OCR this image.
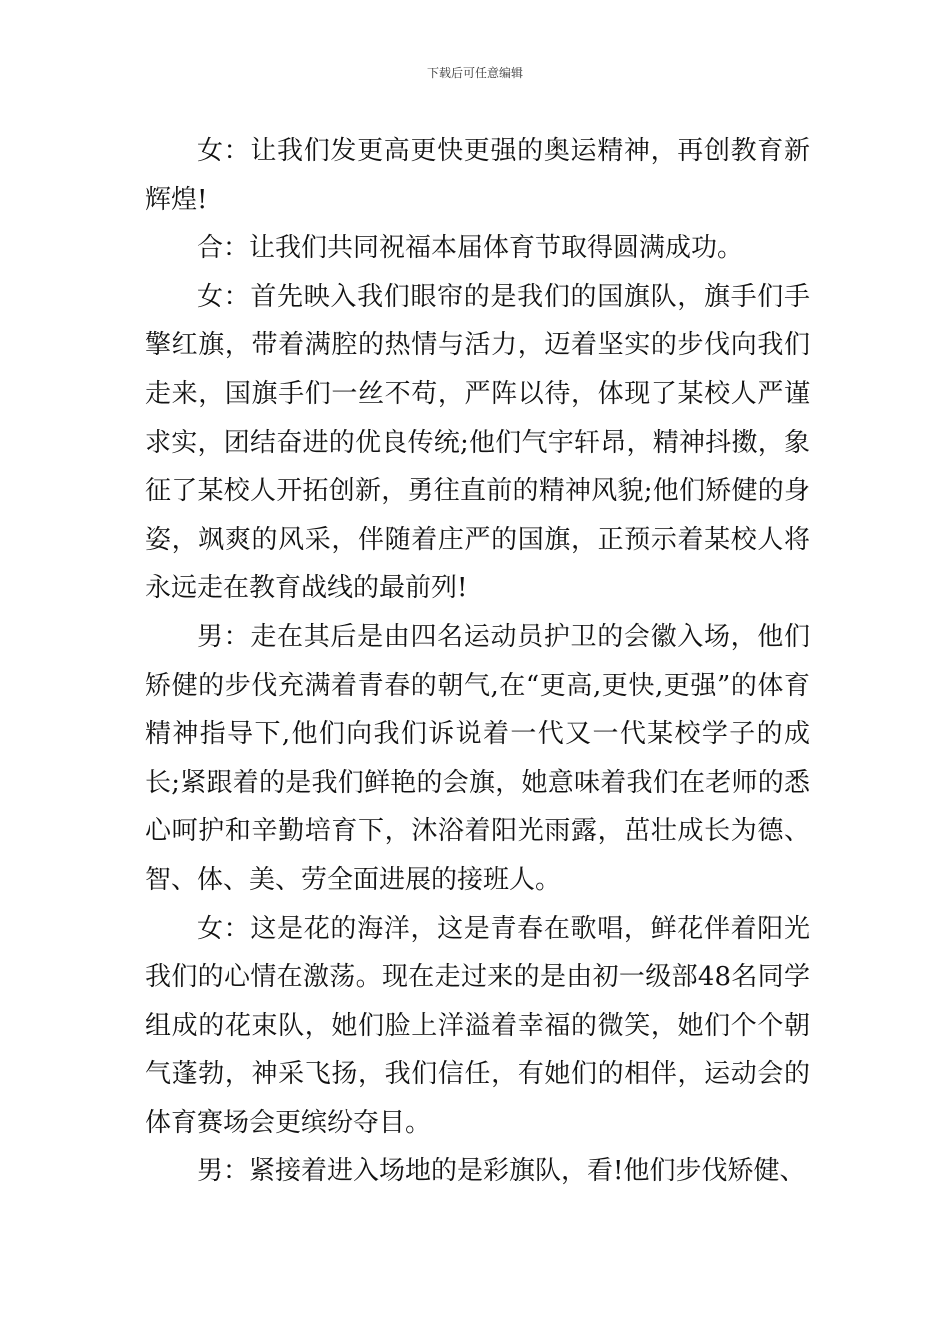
下载后可任意编辑

女：让我们发更高更快更强的奥运精神，再创教育新辉煌!

合：让我们共同祝福本届体育节取得圆满成功。

女：首先映入我们眼帘的是我们的国旗队，旗手们手擎红旗，带着满腔的热情与活力，迈着坚实的步伐向我们走来，国旗手们一丝不苟，严阵以待，体现了某校人严谨求实，团结奋进的优良传统;他们气宇轩昂，精神抖擞，象征了某校人开拓创新，勇往直前的精神风貌;他们矫健的身姿，飒爽的风采，伴随着庄严的国旗，正预示着某校人将永远走在教育战线的最前列!

男：走在其后是由四名运动员护卫的会徽入场，他们矫健的步伐充满着青春的朝气,在“更高,更快,更强”的体育精神指导下,他们向我们诉说着一代又一代某校学子的成长;紧跟着的是我们鲜艳的会旗，她意味着我们在老师的悉心呵护和辛勤培育下，沐浴着阳光雨露，茁壮成长为德、智、体、美、劳全面进展的接班人。

女：这是花的海洋，这是青春在歌唱，鲜花伴着阳光我们的心情在激荡。现在走过来的是由初一级部48名同学组成的花束队，她们脸上洋溢着幸福的微笑，她们个个朝气蓬勃，神采飞扬，我们信任，有她们的相伴，运动会的体育赛场会更缤纷夺目。

男：紧接着进入场地的是彩旗队，看!他们步伐矫健、
